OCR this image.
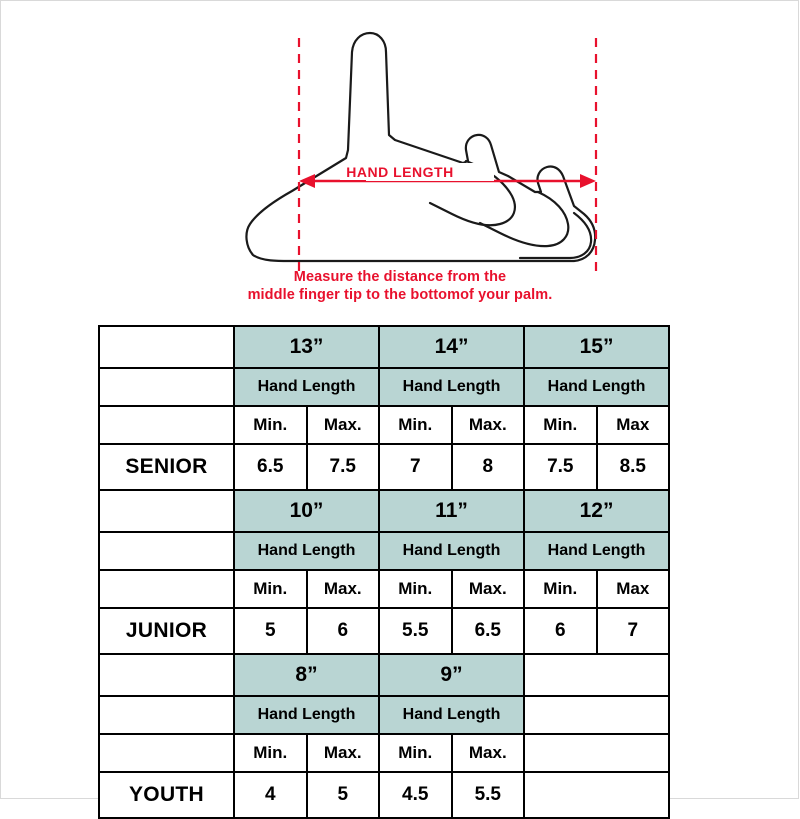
HAND LENGTH
Measure the distance from the
middle finger tip to the bottomof your palm.
	13”		14”		15”	
	Hand Length		Hand Length		Hand Length	
	Min.	Max.	Min.	Max.	Min.	Max
SENIOR	6.5	7.5	7	8	7.5	8.5
	10”		11”		12”	
	Hand Length		Hand Length		Hand Length	
	Min.	Max.	Min.	Max.	Min.	Max
JUNIOR	5	6	5.5	6.5	6	7
	8”		9”			
	Hand Length		Hand Length			
	Min.	Max.	Min.	Max.		
YOUTH	4	5	4.5	5.5		
